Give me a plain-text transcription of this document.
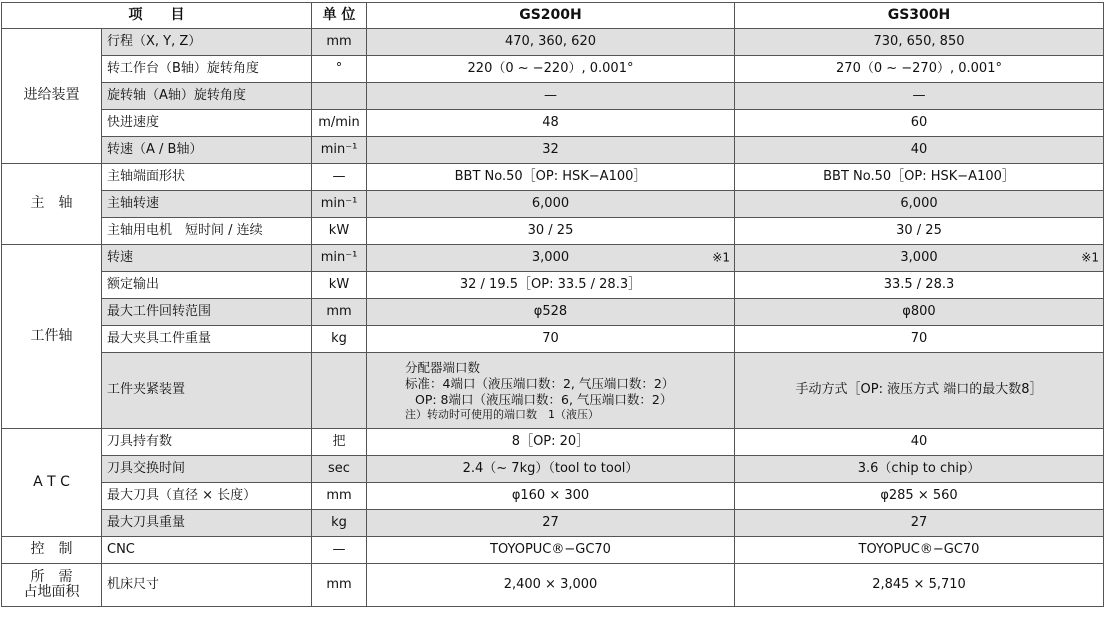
项　　目		单 位	GS200H	GS300H
进给装置	行程（X, Y, Z）	mm	470, 360, 620	730, 650, 850
	转工作台（B轴）旋转角度	°	220（0 ~ −220）, 0.001°	270（0 ~ −270）, 0.001°
	旋转轴（A轴）旋转角度		—	—
	快进速度	m/min	48	60
	转速（A / B轴）	min⁻¹	32	40
主　轴	主轴端面形状	—	BBT No.50［OP: HSK−A100］	BBT No.50［OP: HSK−A100］
	主轴转速	min⁻¹	6,000	6,000
	主轴用电机　短时间 / 连续	kW	30 / 25	30 / 25
工件轴	转速	min⁻¹	3,000 ※1	3,000 ※1

	额定输出	kW	32 / 19.5［OP: 33.5 / 28.3］	33.5 / 28.3
	最大工件回转范围	mm	φ528	φ800
	最大夹具工件重量	kg	70	70
	工件夹紧装置		分配器端口数
标准：4端口（液压端口数：2, 气压端口数：2）
OP: 8端口（液压端口数：6, 气压端口数：2）
注）转动时可使用的端口数　1（液压）	手动方式［OP: 液压方式 端口的最大数8］
A T C	刀具持有数	把	8［OP: 20］	40
	刀具交换时间	sec	2.4（~ 7kg）（tool to tool）	3.6（chip to chip）
	最大刀具（直径 × 长度）	mm	φ160 × 300	φ285 × 560
	最大刀具重量	kg	27	27
控　制	CNC	—	TOYOPUC®−GC70	TOYOPUC®−GC70

所　需
占地面积	机床尺寸	mm	2,400 × 3,000	2,845 × 5,710
